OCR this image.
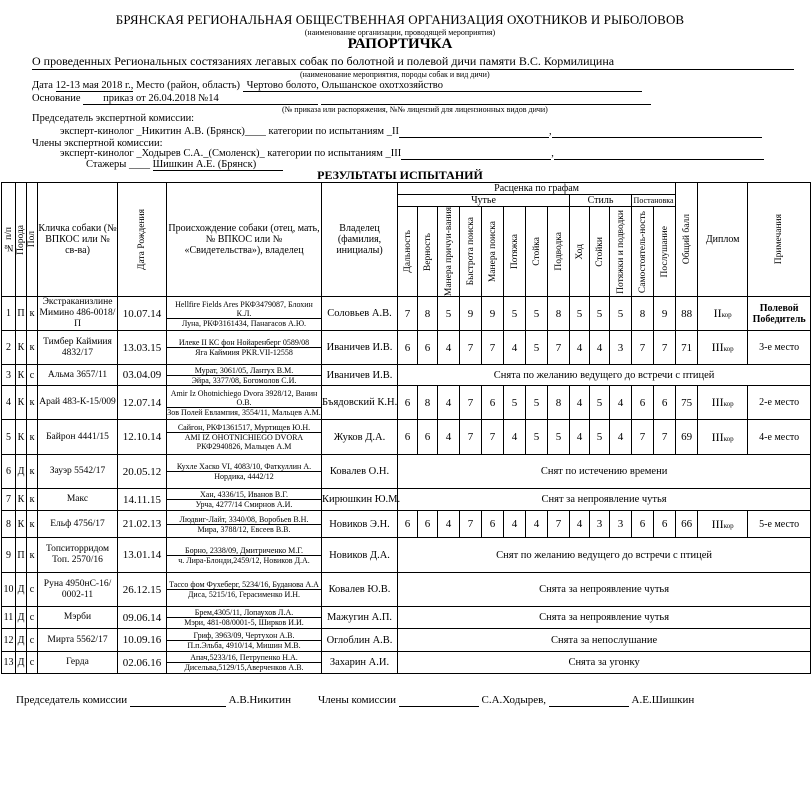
БРЯНСКАЯ РЕГИОНАЛЬНАЯ ОБЩЕСТВЕННАЯ ОРГАНИЗАЦИЯ ОХОТНИКОВ И РЫБОЛОВОВ
(наименование организации, проводящей мероприятия)
РАПОРТИЧКА
О проведенных Региональных состязаниях легавых собак по болотной и полевой дичи памяти В.С. Кормилицина
(наименование мероприятия, породы собак и вид дичи)
Дата 12-13 мая 2018 г., Место (район, область) Чертово болото, Ольшанское охотхозяйство
Основание приказ от 26.04.2018 №14
(№ приказа или распоряжения, №№ лицензий для лицензионных видов дичи)
Председатель экспертной комиссии:
эксперт-кинолог _Никитин А.В. (Брянск)____ категории по испытаниям _II	,
Члены экспертной комиссии:
эксперт-кинолог _Ходырев С.А._(Смоленск)_ категории по испытаниям _III	,
Стажеры ____ Шишкин А.Е. (Брянск)
РЕЗУЛЬТАТЫ ИСПЫТАНИЙ
№ п/п	Порода	Пол	Кличка собаки (№ ВПКОС или № св-ва)	Дата Рождения	Происхождение собаки (отец, мать, № ВПКОС или № «Свидетельства»), владелец	Владелец (фамилия, инициалы)	Расценка по графам													Общий балл	Диплом	Примечания

							Чутье								Стиль			Постановка				

							Дальность	Верность	Манера причуи-вания	Быстрота поиска	Манера поиска	Потяжка	Стойка	Подводка	Ход	Стойки	Потяжки и подводки	Самостоятель-ность	Послушание			

1	П	к	Экстраканизлине Мимино 486-0018/П	10.07.14	Hellfire Fields Ares РКФ3479087, Блохин К.Л.
Луна, РКФ3161434, Панагасов А.Ю.	Соловьев А.В.	7	8	5	9	9	5	5	8	5	5	5	8	9	88	IIкор	Полевой Победитель
2	К	к	Тимбер Каймиия 4832/17	13.03.15	Илеке II КС фон Нойаренберг 0589/08
Яга Каймиия PKR.VII-12558	Иваничев И.В.	6	6	4	7	7	4	5	7	4	4	3	7	7	71	IIIкор	3-е место
3	К	с	Альма 3657/11	03.04.09	Мурат, 3061/05, Лантух В.М.
Эйра, 3377/08, Богомолов С.И.	Иваничев И.В.	Снята по желанию ведущего до встречи с птицей															
4	К	к	Арай 483-К-15/009	12.07.14	Amir Iz Ohotnichiego Dvora 3928/12, Ванин О.В.
Зов Полей Евлампия, 3554/11, Мальцев А.М.	Бъядовский К.Н.	6	8	4	7	6	5	5	8	4	5	4	6	6	75	IIIкор	2-е место
5	К	к	Байрон 4441/15	12.10.14	Сайгон, РКФ1361517, Муртищев Ю.Н.
AMI IZ OHOTNICHIEGO DVORA РКФ2940826, Мальцев А.М	Жуков Д.А.	6	6	4	7	7	4	5	5	4	5	4	7	7	69	IIIкор	4-е место
6	Д	к	Зауэр 5542/17	20.05.12	Кухле Хаско VI, 4083/10, Фаткуллин А.
Нордика, 4442/12	Ковалев О.Н.	Снят по истечению времени															
7	К	к	Макс	14.11.15	Хан, 4336/15, Иванов В.Г.
Урча, 4277/14 Смирнов А.И.	Кирюшкин Ю.М.	Снят за непроявление чутья															
8	К	к	Ельф 4756/17	21.02.13	Людвиг-Лайт, 3340/08, Воробьев В.Н.
Мира, 3788/12, Евсеев В.В.	Новиков Э.Н.	6	6	4	7	6	4	4	7	4	3	3	6	6	66	IIIкор	5-е место
9	П	к	Топситорридом Топ. 2570/16	13.01.14	Борно, 2338/09, Дмитриченко М.Г.
ч. Лира-Блонди,2459/12, Новиков Д.А.	Новиков Д.А.	Снят по желанию ведущего до встречи с птицей															
10	Д	с	Руна 4950нС-16/ 0002-11	26.12.15	Тассо фом Фухеберг, 5234/16, Буданова А.А
Диса, 5215/16, Герасименко И.Н.	Ковалев Ю.В.	Снята за непроявление чутья															
11	Д	с	Мэрби	09.06.14	Брем,4305/11, Лопаухов Л.А.
Мэри, 481-08/0001-5, Ширков И.И.	Мажугин А.П.	Снята за непроявление чутья															
12	Д	с	Мирта 5562/17	10.09.16	Гриф, 3963/09, Чертухон А.В.
П.п.Эльба, 4910/14, Мишин М.В.	Оглоблин А.В.	Снята за непослушание															
13	Д	с	Герда	02.06.16	Апач,5233/16, Петрупенко Н.А.
Дисельва,5129/15,Аверченков А.В.	Захарин А.И.	Снята за угонку															
Председатель комиссии	А.В.Никитин Члены комиссии	С.А.Ходырев,	А.Е.Шишкин
